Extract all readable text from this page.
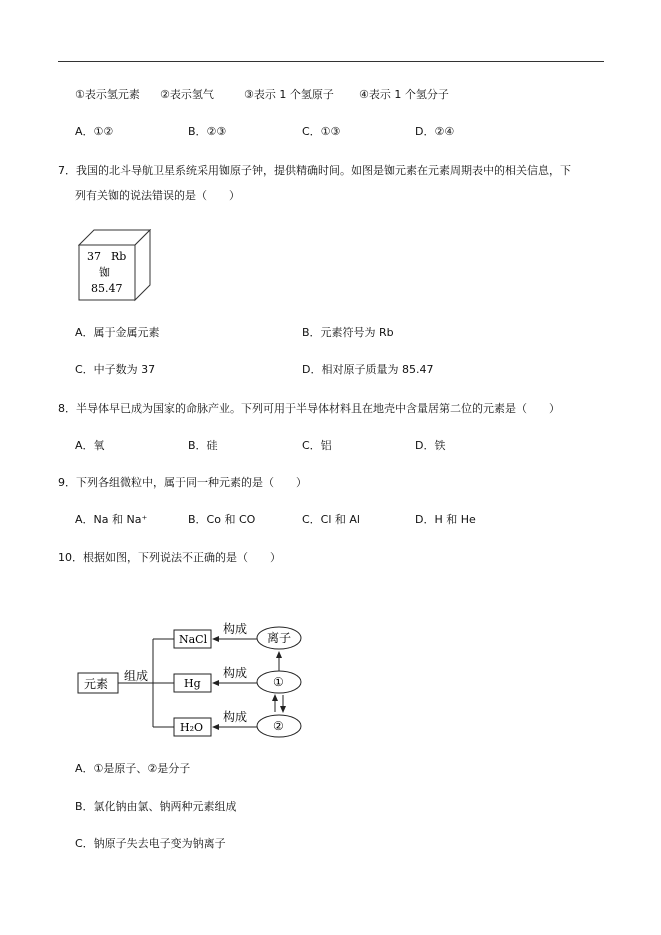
①表示氢元素 ②表示氢气	③表示 1 个氢原子 ④表示 1 个氢分子
A．①②	B．②③	C．①③	D．②④
7．我国的北斗导航卫星系统采用铷原子钟，提供精确时间。如图是铷元素在元素周期表中的相关信息，下
列有关铷的说法错误的是（　　）
37 Rb
铷
85.47
A．属于金属元素	B．元素符号为 Rb
C．中子数为 37	D．相对原子质量为 85.47
8．半导体早已成为国家的命脉产业。下列可用于半导体材料且在地壳中含量居第二位的元素是（　　）
A．氧	B．硅	C．铝	D．铁
9．下列各组微粒中，属于同一种元素的是（　　）
A．Na 和 Na⁺	B．Co 和 CO	C．Cl 和 Al	D．H 和 He
10．根据如图，下列说法不正确的是（　　）
元素
组成
NaCl
Hg
H₂O
构成
构成
构成
离子
①
②
A．①是原子、②是分子
B．氯化钠由氯、钠两种元素组成
C．钠原子失去电子变为钠离子
